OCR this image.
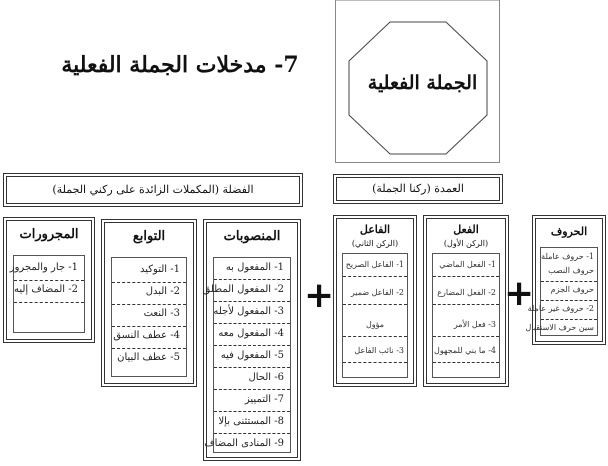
7- مدخلات الجملة الفعلية
الجملة الفعلية
الفضلة (المكملات الزائدة على ركني الجملة)	العمدة (ركنا الجملة)
المجرورات
1- جار والمجرور
2- المضاف إليه
التوابع
1- التوكيد
2- البدل
3- النعت
4- عطف النسق
5- عطف البيان
المنصوبات
1- المفعول به
2- المفعول المطلق
3- المفعول لأجله
4- المفعول معه
5- المفعول فيه
6- الحال
7- التمييز
8- المستثنى بإلا
9- المنادى المضاف
+
الفاعل
(الركن الثاني)
1- الفاعل الصريح
2- الفاعل ضمير
مؤول
3- نائب الفاعل
الفعل
(الركن الأول)
1- الفعل الماضي
2- الفعل المضارع
3- فعل الأمر
4- ما بني للمجهول
+
الحروف
1- حروف عاملة
حروف النصب
حروف الجزم
2- حروف غير عاملة
سين حرف الاستقبال
